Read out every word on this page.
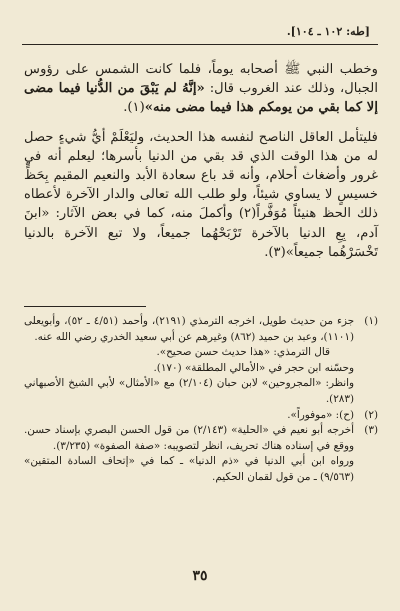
[طه: ١٠٢ ـ ١٠٤].

وخطب النبي ﷺ أصحابه يوماً، فلما كانت الشمس على رؤوس الجبال، وذلك عند الغروب قال: «إنَّهُ لم يَبْقَ من الدُّنيا فيما مضى إلا كما بقي من يومكم هذا فيما مضى منه»(١).

فليتأمل العاقل الناصح لنفسه هذا الحديث، وليَعْلَمْ أيُّ شيءٍ حصل له من هذا الوقت الذي قد بقي من الدنيا بأسرها؛ ليعلم أنه في غرور وأضغاث أحلام، وأنه قد باع سعادة الأبد والنعيم المقيم بِحَظٍّ خسيسٍ لا يساوي شيئاً، ولو طلب الله تعالى والدار الآخرة لأعطاه ذلك الحظ هنيئاً مُوَفَّراً(٢) وأكملَ منه، كما في بعض الآثار: «ابنَ آدم، بِعِ الدنيا بالآخرة تَرْبَحْهُما جميعاً، ولا تبع الآخرة بالدنيا تَخْسَرْهُما جميعاً»(٣).

(١)

جزء من حديث طويل، اخرجه الترمذي (٢١٩١)، وأحمد (٤/٥١ ـ ٥٢)، وأبويعلى (١١٠١)، وعبد بن حميد (٨٦٢) وغيرهم عن أبي سعيد الخدري رضي الله عنه.

قال الترمذي: «هذا حديث حسن صحيح».

وحسّنه ابن حجر في «الأمالي المطلقة» (١٧٠).

وانظر: «المجروحين» لابن حبان (٢/١٠٤) مع «الأمثال» لأبي الشيخ الأصبهاني (٢٨٣).

(٢)

(ح): «موفوراً».

(٣)

أخرجه أبو نعيم في «الحلية» (٢/١٤٣) من قول الحسن البصري بإسناد حسن. ووقع في إسناده هناك تحريف، انظر لتصويبه: «صفة الصفوة» (٣/٢٣٥).

ورواه ابن أبي الدنيا في «ذم الدنيا» ـ كما في «إتحاف السادة المتقين» (٩/٥٦٣) ـ من قول لقمان الحكيم.

٣٥
